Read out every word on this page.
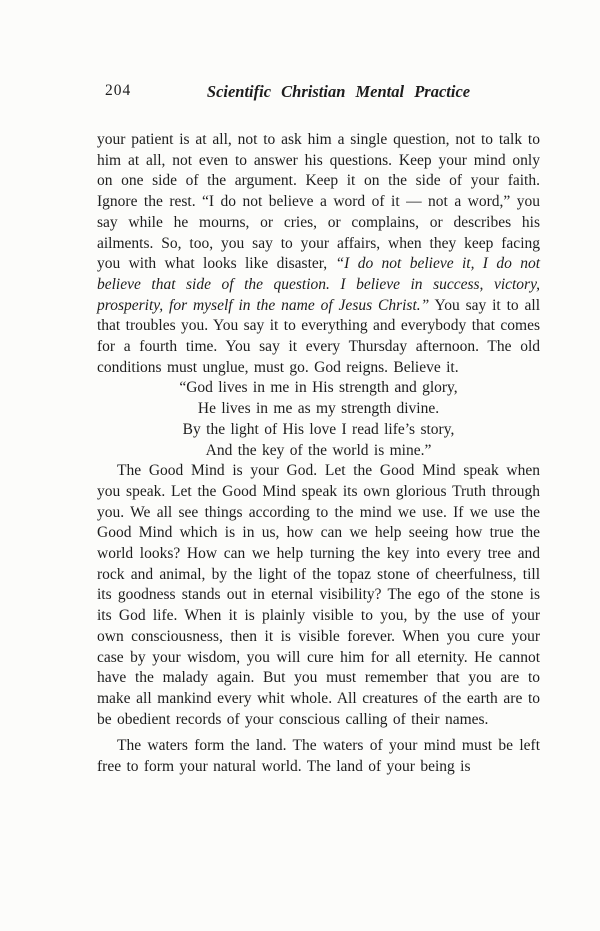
204	Scientific Christian Mental Practice

your patient is at all, not to ask him a single question, not to talk to him at all, not even to answer his questions. Keep your mind only on one side of the argument. Keep it on the side of your faith. Ignore the rest. “I do not believe a word of it — not a word,” you say while he mourns, or cries, or complains, or describes his ailments. So, too, you say to your affairs, when they keep facing you with what looks like disaster, “I do not believe it, I do not believe that side of the question. I believe in success, victory, prosperity, for myself in the name of Jesus Christ.” You say it to all that troubles you. You say it to everything and everybody that comes for a fourth time. You say it every Thursday afternoon. The old conditions must unglue, must go. God reigns. Believe it.

“God lives in me in His strength and glory,
He lives in me as my strength divine.
By the light of His love I read life’s story,
And the key of the world is mine.”

The Good Mind is your God. Let the Good Mind speak when you speak. Let the Good Mind speak its own glorious Truth through you. We all see things according to the mind we use. If we use the Good Mind which is in us, how can we help seeing how true the world looks? How can we help turning the key into every tree and rock and animal, by the light of the topaz stone of cheerfulness, till its goodness stands out in eternal visibility? The ego of the stone is its God life. When it is plainly visible to you, by the use of your own consciousness, then it is visible forever. When you cure your case by your wisdom, you will cure him for all eternity. He cannot have the malady again. But you must remember that you are to make all mankind every whit whole. All creatures of the earth are to be obedient records of your conscious calling of their names.

The waters form the land. The waters of your mind must be left free to form your natural world. The land of your being is
